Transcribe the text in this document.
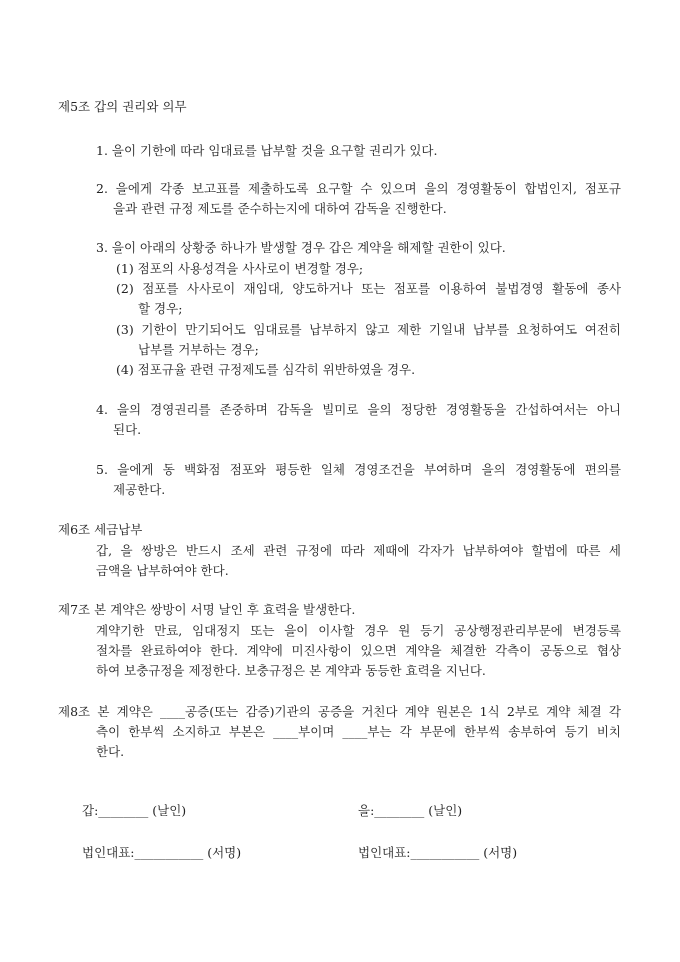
제5조 갑의 권리와 의무
1. 을이 기한에 따라 임대료를 납부할 것을 요구할 권리가 있다.
2. 을에게 각종 보고표를 제출하도록 요구할 수 있으며 을의 경영활동이 합법인지, 점포규
을과 관련 규정 제도를 준수하는지에 대하여 감독을 진행한다.
3. 을이 아래의 상황중 하나가 발생할 경우 갑은 계약을 해제할 권한이 있다.
(1) 점포의 사용성격을 사사로이 변경할 경우;
(2) 점포를 사사로이 재임대, 양도하거나 또는 점포를 이용하여 불법경영 활동에 종사
할 경우;
(3) 기한이 만기되어도 임대료를 납부하지 않고 제한 기일내 납부를 요청하여도 여전히
납부를 거부하는 경우;
(4) 점포규율 관련 규정제도를 심각히 위반하였을 경우.
4. 을의 경영권리를 존중하며 감독을 빌미로 을의 정당한 경영활동을 간섭하여서는 아니
된다.
5. 을에게 동 백화점 점포와 평등한 일체 경영조건을 부여하며 을의 경영활동에 편의를
제공한다.
제6조 세금납부
갑, 을 쌍방은 반드시 조세 관련 규정에 따라 제때에 각자가 납부하여야 할법에 따른 세
금액을 납부하여야 한다.
제7조 본 계약은 쌍방이 서명 날인 후 효력을 발생한다.
계약기한 만료, 임대정지 또는 을이 이사할 경우 원 등기 공상행정관리부문에 변경등록
절차를 완료하여야 한다. 계약에 미진사항이 있으면 계약을 체결한 각측이 공동으로 협상
하여 보충규정을 제정한다. 보충규정은 본 계약과 동등한 효력을 지닌다.
제8조 본 계약은 ____공증(또는 감증)기관의 공증을 거친다 계약 원본은 1식 2부로 계약 체결 각
측이 한부씩 소지하고 부본은 ____부이며 ____부는 각 부문에 한부씩 송부하여 등기 비치
한다.
갑:________ (날인)	을:________ (날인)
법인대표:___________ (서명)	법인대표:___________ (서명)
